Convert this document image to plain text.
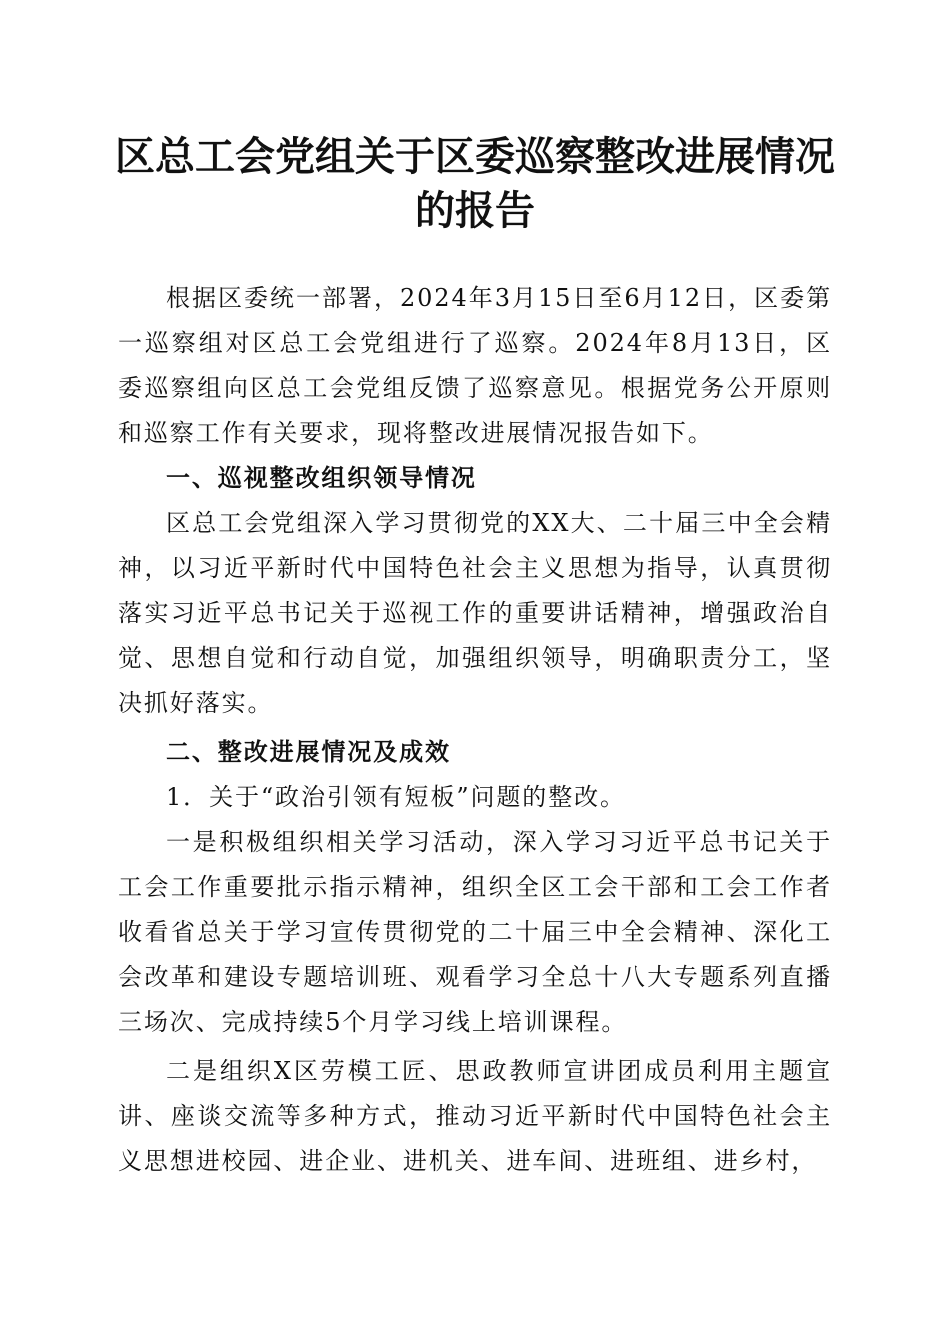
区总工会党组关于区委巡察整改进展情况的报告

根据区委统一部署，2024年3月15日至6月12日，区委第一巡察组对区总工会党组进行了巡察。2024年8月13日，区委巡察组向区总工会党组反馈了巡察意见。根据党务公开原则和巡察工作有关要求，现将整改进展情况报告如下。

一、巡视整改组织领导情况

区总工会党组深入学习贯彻党的XX大、二十届三中全会精神，以习近平新时代中国特色社会主义思想为指导，认真贯彻落实习近平总书记关于巡视工作的重要讲话精神，增强政治自觉、思想自觉和行动自觉，加强组织领导，明确职责分工，坚决抓好落实。

二、整改进展情况及成效

1．关于“政治引领有短板”问题的整改。

一是积极组织相关学习活动，深入学习习近平总书记关于工会工作重要批示指示精神，组织全区工会干部和工会工作者收看省总关于学习宣传贯彻党的二十届三中全会精神、深化工会改革和建设专题培训班、观看学习全总十八大专题系列直播三场次、完成持续5个月学习线上培训课程。

二是组织X区劳模工匠、思政教师宣讲团成员利用主题宣讲、座谈交流等多种方式，推动习近平新时代中国特色社会主义思想进校园、进企业、进机关、进车间、进班组、进乡村，
